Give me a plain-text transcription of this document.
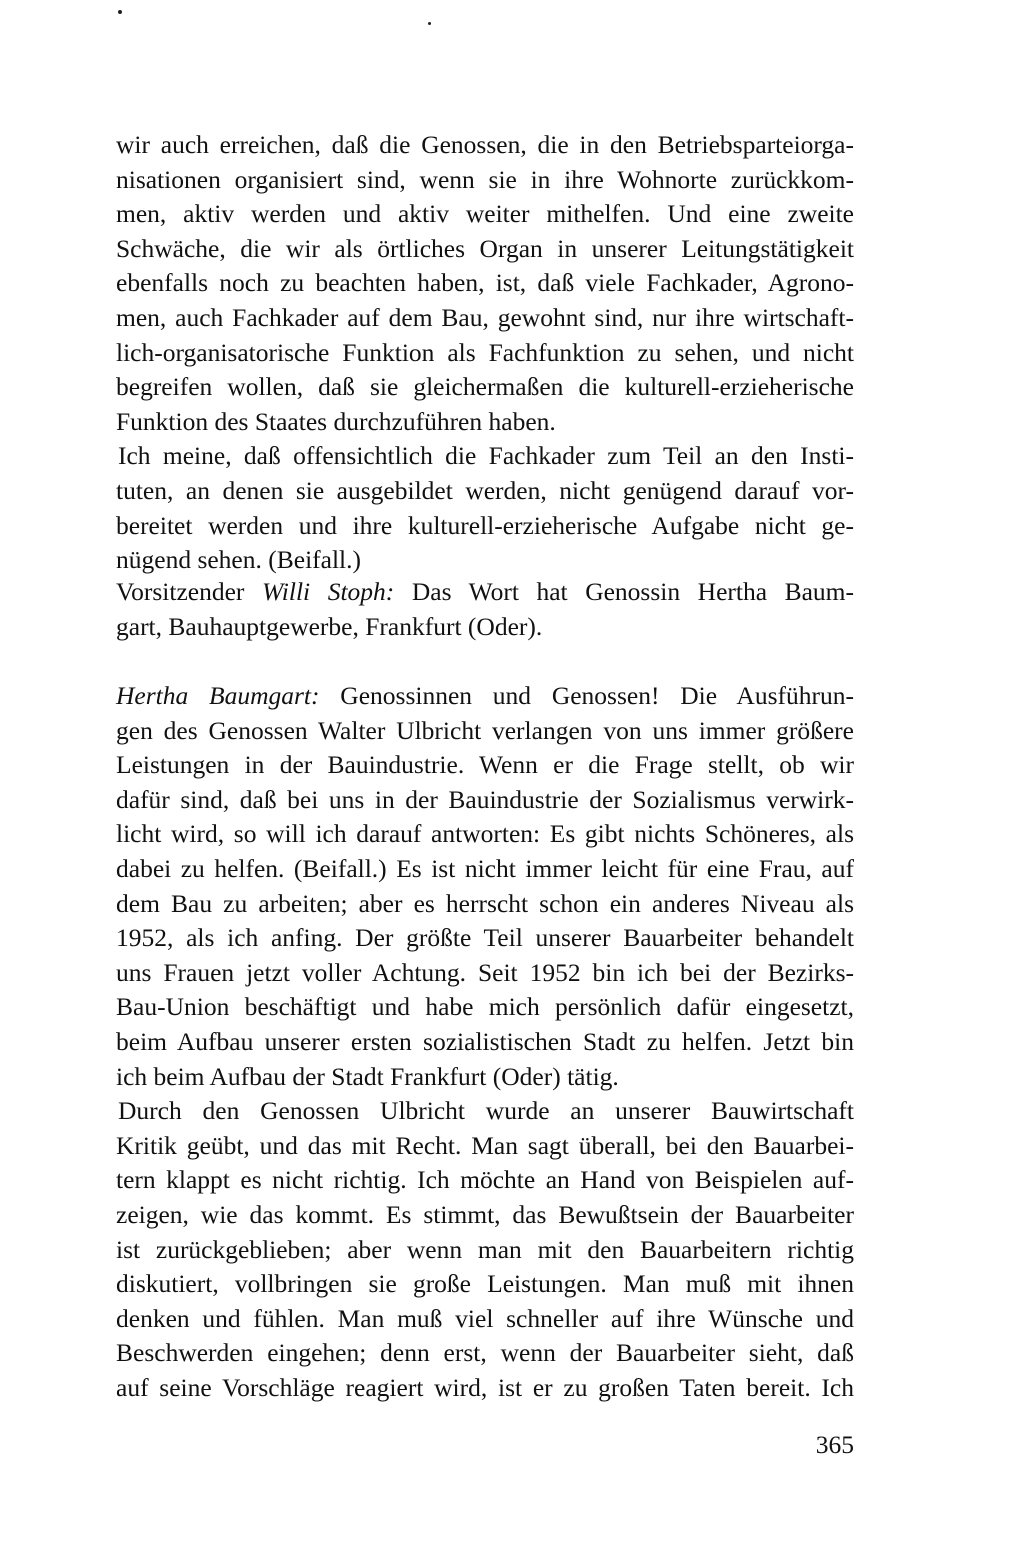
wir auch erreichen, daß die Genossen, die in den Betriebsparteiorga-
nisationen organisiert sind, wenn sie in ihre Wohnorte zurückkom-
men, aktiv werden und aktiv weiter mithelfen. Und eine zweite
Schwäche, die wir als örtliches Organ in unserer Leitungstätigkeit
ebenfalls noch zu beachten haben, ist, daß viele Fachkader, Agrono-
men, auch Fachkader auf dem Bau, gewohnt sind, nur ihre wirtschaft-
lich-organisatorische Funktion als Fachfunktion zu sehen, und nicht
begreifen wollen, daß sie gleichermaßen die kulturell-erzieherische
Funktion des Staates durchzuführen haben.
Ich meine, daß offensichtlich die Fachkader zum Teil an den Insti-
tuten, an denen sie ausgebildet werden, nicht genügend darauf vor-
bereitet werden und ihre kulturell-erzieherische Aufgabe nicht ge-
nügend sehen. (Beifall.)
Vorsitzender Willi Stoph: Das Wort hat Genossin Hertha Baum-
gart, Bauhauptgewerbe, Frankfurt (Oder).
Hertha Baumgart: Genossinnen und Genossen! Die Ausführun-
gen des Genossen Walter Ulbricht verlangen von uns immer größere
Leistungen in der Bauindustrie. Wenn er die Frage stellt, ob wir
dafür sind, daß bei uns in der Bauindustrie der Sozialismus verwirk-
licht wird, so will ich darauf antworten: Es gibt nichts Schöneres, als
dabei zu helfen. (Beifall.) Es ist nicht immer leicht für eine Frau, auf
dem Bau zu arbeiten; aber es herrscht schon ein anderes Niveau als
1952, als ich anfing. Der größte Teil unserer Bauarbeiter behandelt
uns Frauen jetzt voller Achtung. Seit 1952 bin ich bei der Bezirks-
Bau-Union beschäftigt und habe mich persönlich dafür eingesetzt,
beim Aufbau unserer ersten sozialistischen Stadt zu helfen. Jetzt bin
ich beim Aufbau der Stadt Frankfurt (Oder) tätig.
Durch den Genossen Ulbricht wurde an unserer Bauwirtschaft
Kritik geübt, und das mit Recht. Man sagt überall, bei den Bauarbei-
tern klappt es nicht richtig. Ich möchte an Hand von Beispielen auf-
zeigen, wie das kommt. Es stimmt, das Bewußtsein der Bauarbeiter
ist zurückgeblieben; aber wenn man mit den Bauarbeitern richtig
diskutiert, vollbringen sie große Leistungen. Man muß mit ihnen
denken und fühlen. Man muß viel schneller auf ihre Wünsche und
Beschwerden eingehen; denn erst, wenn der Bauarbeiter sieht, daß
auf seine Vorschläge reagiert wird, ist er zu großen Taten bereit. Ich
365
